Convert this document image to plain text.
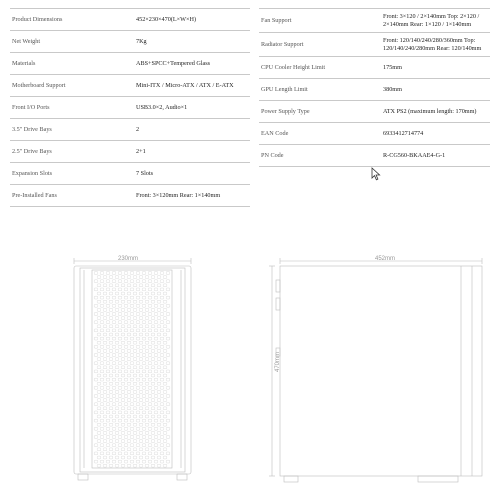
Product Dimensions	452×230×470(L×W×H)
Net Weight	7Kg
Materials	ABS+SPCC+Tempered Glass
Motherboard Support	Mini-ITX / Micro-ATX / ATX / E-ATX
Front I/O Ports	USB3.0×2, Audio×1
3.5" Drive Bays	2
2.5" Drive Bays	2+1
Expansion Slots	7 Slots
Pre-Installed Fans	Front: 3×120mm Rear: 1×140mm
Fan Support	Front: 3×120 / 2×140mm Top: 2×120 / 2×140mm Rear: 1×120 / 1×140mm
Radiator Support	Front: 120/140/240/280/360mm Top: 120/140/240/280mm Rear: 120/140mm
CPU Cooler Height Limit	175mm
GPU Length Limit	380mm
Power Supply Type	ATX PS2 (maximum length: 170mm)
EAN Code	6933412714774
PN Code	R-CG560-BKAAE4-G-1
230mm	452mm
470mm
